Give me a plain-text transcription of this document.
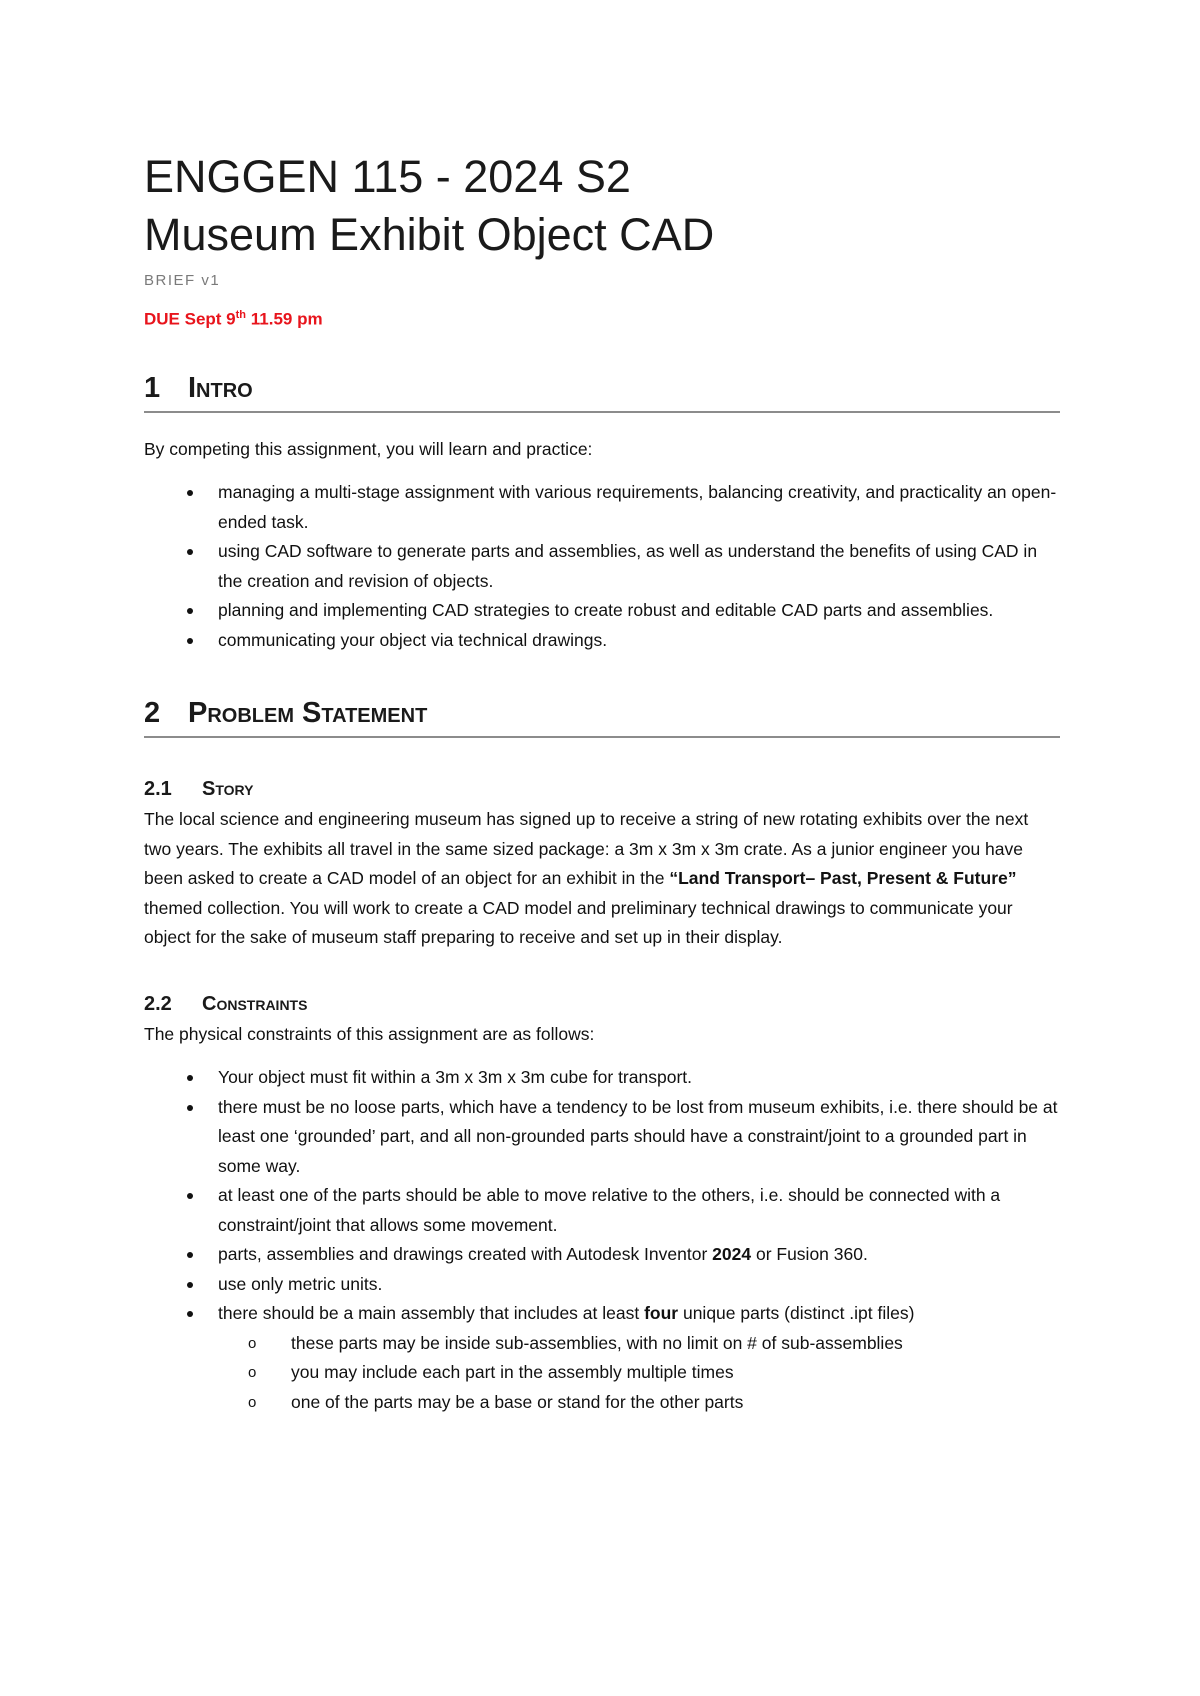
ENGGEN 115 - 2024 S2
Museum Exhibit Object CAD

BRIEF v1

DUE Sept 9th 11.59 pm

1 Intro

By competing this assignment, you will learn and practice:

managing a multi-stage assignment with various requirements, balancing creativity, and practicality an open-ended task.
using CAD software to generate parts and assemblies, as well as understand the benefits of using CAD in the creation and revision of objects.
planning and implementing CAD strategies to create robust and editable CAD parts and assemblies.
communicating your object via technical drawings.
2 Problem Statement
2.1	Story

The local science and engineering museum has signed up to receive a string of new rotating exhibits over the next two years. The exhibits all travel in the same sized package: a 3m x 3m x 3m crate. As a junior engineer you have been asked to create a CAD model of an object for an exhibit in the “Land Transport– Past, Present & Future” themed collection. You will work to create a CAD model and preliminary technical drawings to communicate your object for the sake of museum staff preparing to receive and set up in their display.

2.2	Constraints

The physical constraints of this assignment are as follows:

Your object must fit within a 3m x 3m x 3m cube for transport.
there must be no loose parts, which have a tendency to be lost from museum exhibits, i.e. there should be at least one ‘grounded’ part, and all non-grounded parts should have a constraint/joint to a grounded part in some way.
at least one of the parts should be able to move relative to the others, i.e. should be connected with a constraint/joint that allows some movement.
parts, assemblies and drawings created with Autodesk Inventor 2024 or Fusion 360.
use only metric units.
there should be a main assembly that includes at least four unique parts (distinct .ipt files)
o these parts may be inside sub-assemblies, with no limit on # of sub-assemblies
o you may include each part in the assembly multiple times
o one of the parts may be a base or stand for the other parts
